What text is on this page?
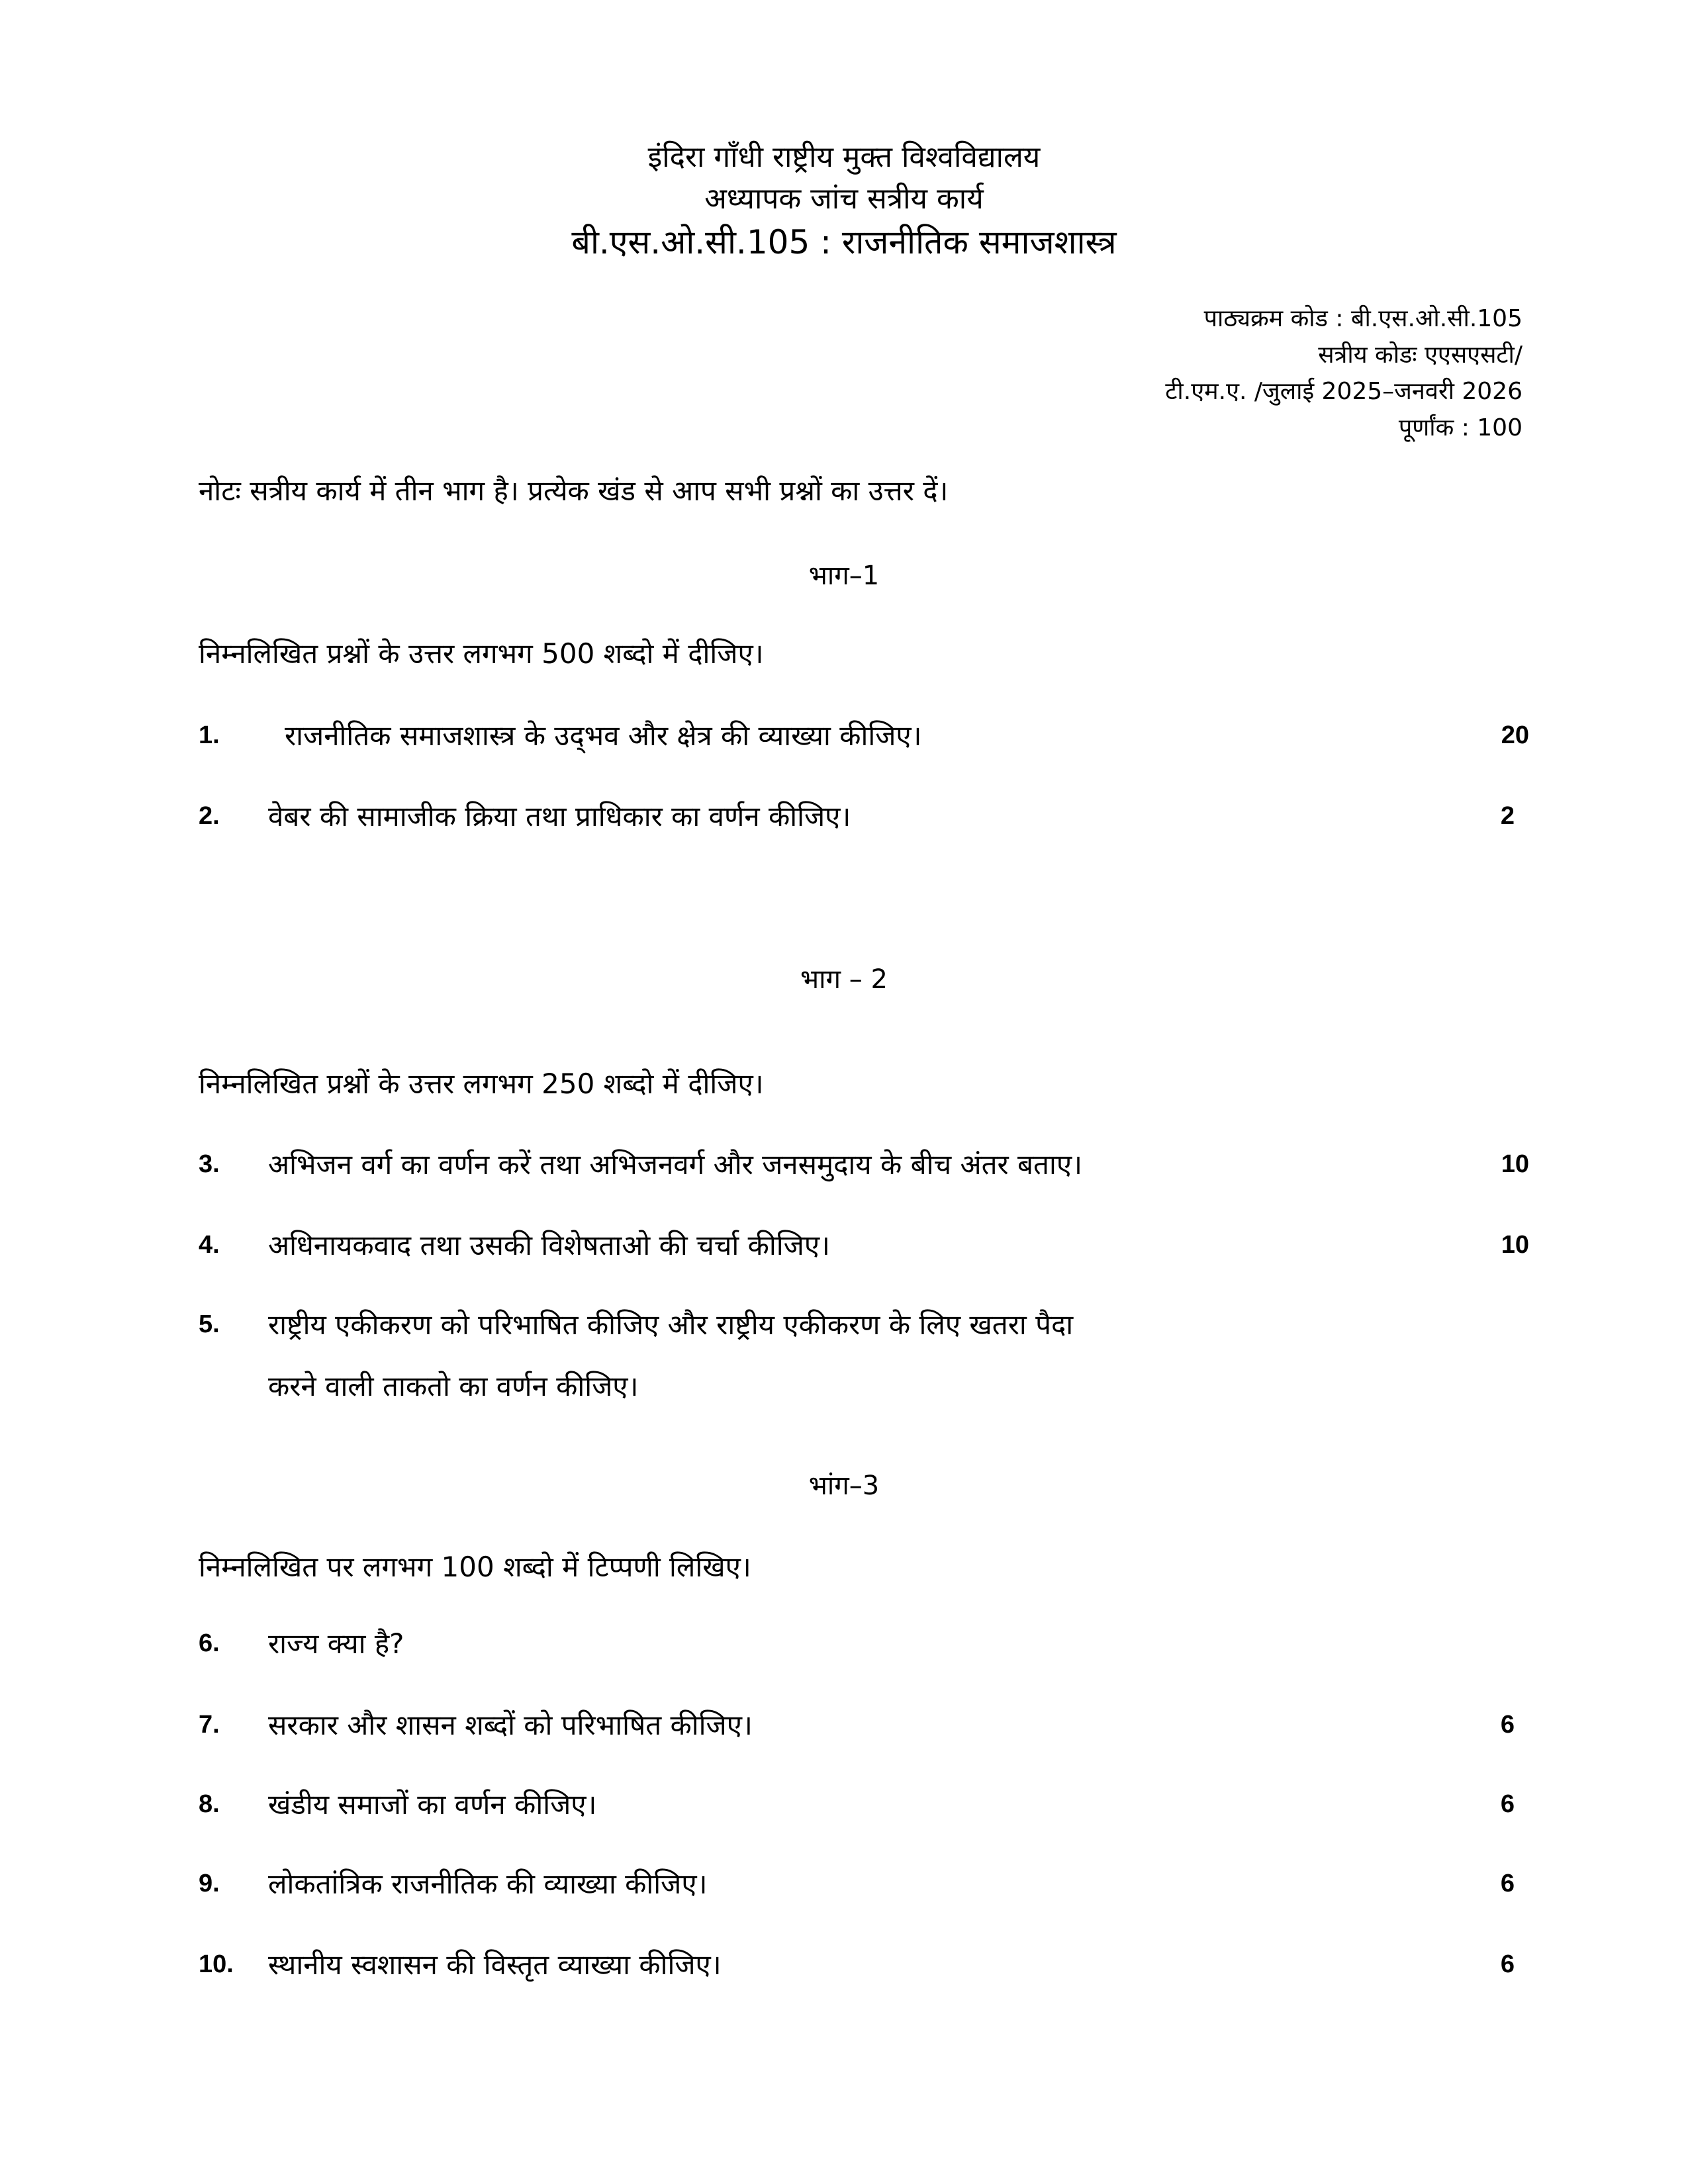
इंदिरा गाँधी राष्ट्रीय मुक्त विश्वविद्यालय
अध्यापक जांच सत्रीय कार्य
बी.एस.ओ.सी.105 : राजनीतिक समाजशास्त्र
पाठ्यक्रम कोड : बी.एस.ओ.सी.105
सत्रीय कोडः एएसएसटी/
टी.एम.ए. /जुलाई 2025–जनवरी 2026
पूर्णांक : 100
नोटः सत्रीय कार्य में तीन भाग है। प्रत्येक खंड से आप सभी प्रश्नों का उत्तर दें।
भाग–1
निम्नलिखित प्रश्नों के उत्तर लगभग 500 शब्दो में दीजिए।
1. राजनीतिक समाजशास्त्र के उद्‌भव और क्षेत्र की व्याख्या कीजिए।	20
2. वेबर की सामाजीक क्रिया तथा प्राधिकार का वर्णन कीजिए।	2
भाग – 2
निम्नलिखित प्रश्नों के उत्तर लगभग 250 शब्दो में दीजिए।
3. अभिजन वर्ग का वर्णन करें तथा अभिजनवर्ग और जनसमुदाय के बीच अंतर बताए।	10
4. अधिनायकवाद तथा उसकी विशेषताओ की चर्चा कीजिए।	10
5. राष्ट्रीय एकीकरण को परिभाषित कीजिए और राष्ट्रीय एकीकरण के लिए खतरा पैदा
करने वाली ताकतो का वर्णन कीजिए।
भांग–3
निम्नलिखित पर लगभग 100 शब्दो में टिप्पणी लिखिए।
6. राज्य क्या है?
7. सरकार और शासन शब्दों को परिभाषित कीजिए।	6
8. खंडीय समाजों का वर्णन कीजिए।	6
9. लोकतांत्रिक राजनीतिक की व्याख्या कीजिए।	6
10. स्थानीय स्वशासन की विस्तृत व्याख्या कीजिए।	6
